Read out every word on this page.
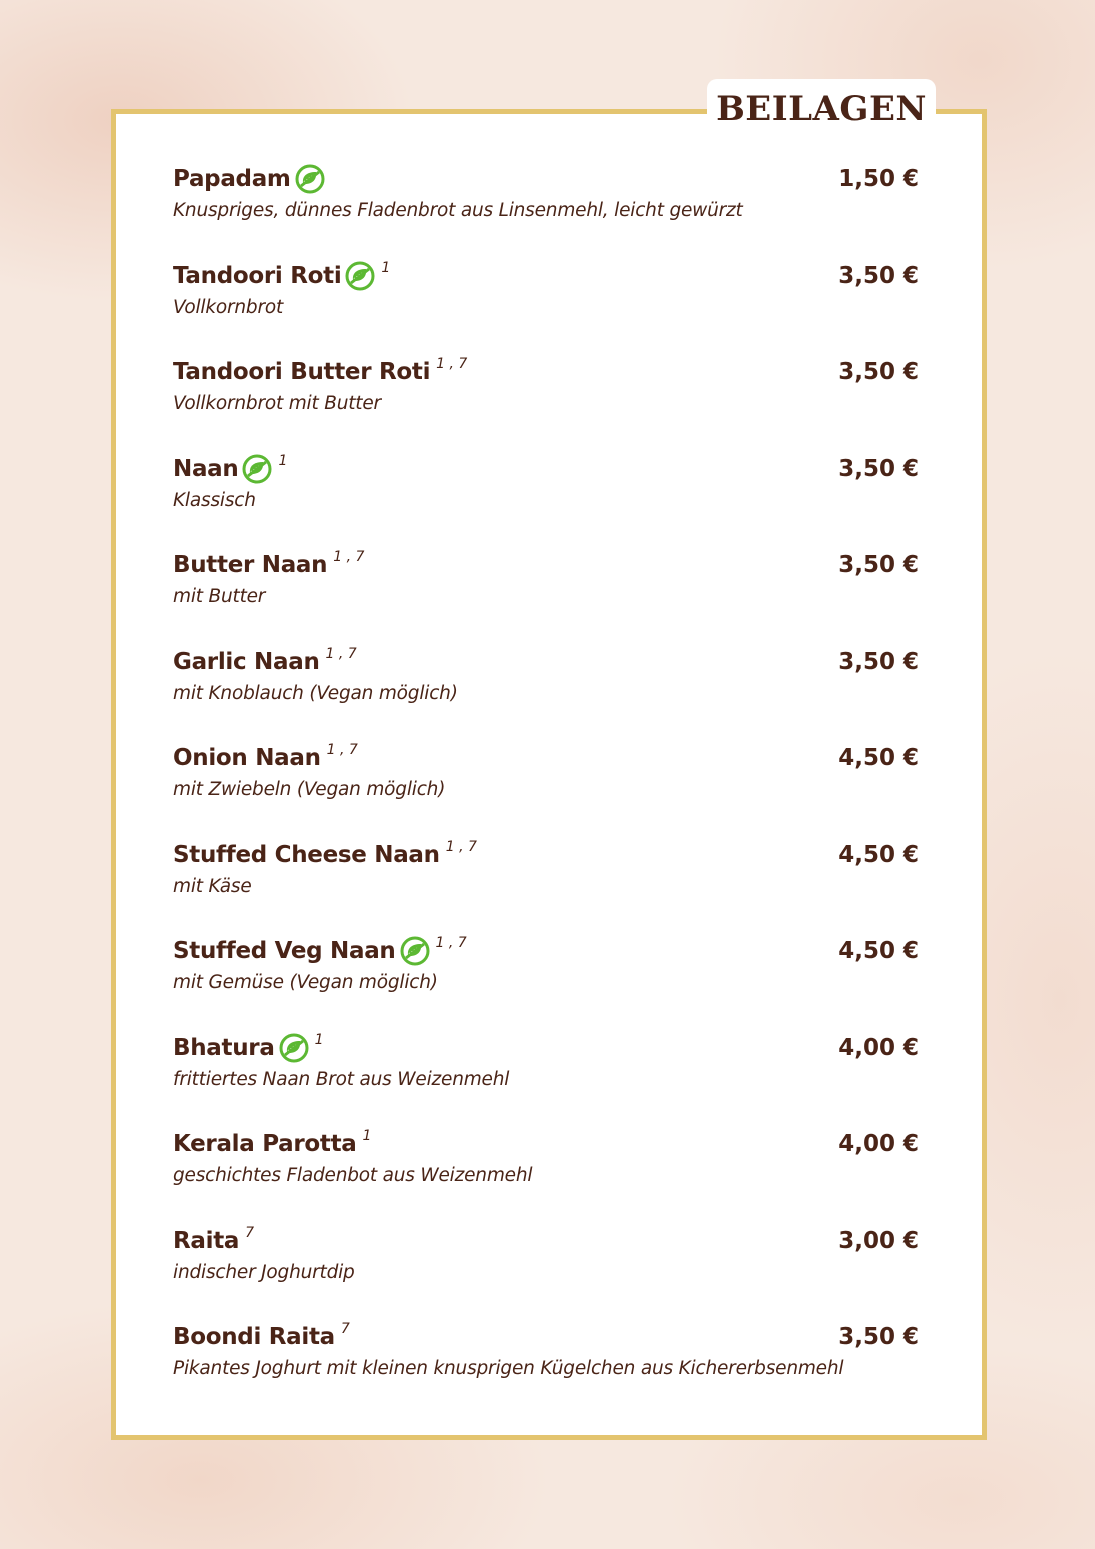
BEILAGEN
Papadam	1,50 €
Knuspriges, dünnes Fladenbrot aus Linsenmehl, leicht gewürzt
Tandoori Roti	1	3,50 €
Vollkornbrot
Tandoori Butter Roti 1 , 7	3,50 €
Vollkornbrot mit Butter
Naan	1	3,50 €
Klassisch
Butter Naan 1 , 7	3,50 €
mit Butter
Garlic Naan 1 , 7	3,50 €
mit Knoblauch (Vegan möglich)
Onion Naan 1 , 7	4,50 €
mit Zwiebeln (Vegan möglich)
Stuffed Cheese Naan 1 , 7	4,50 €
mit Käse
Stuffed Veg Naan	1 , 7	4,50 €
mit Gemüse (Vegan möglich)
Bhatura	1	4,00 €
frittiertes Naan Brot aus Weizenmehl
Kerala Parotta 1	4,00 €
geschichtes Fladenbot aus Weizenmehl
Raita 7	3,00 €
indischer Joghurtdip
Boondi Raita 7	3,50 €
Pikantes Joghurt mit kleinen knusprigen Kügelchen aus Kichererbsenmehl
